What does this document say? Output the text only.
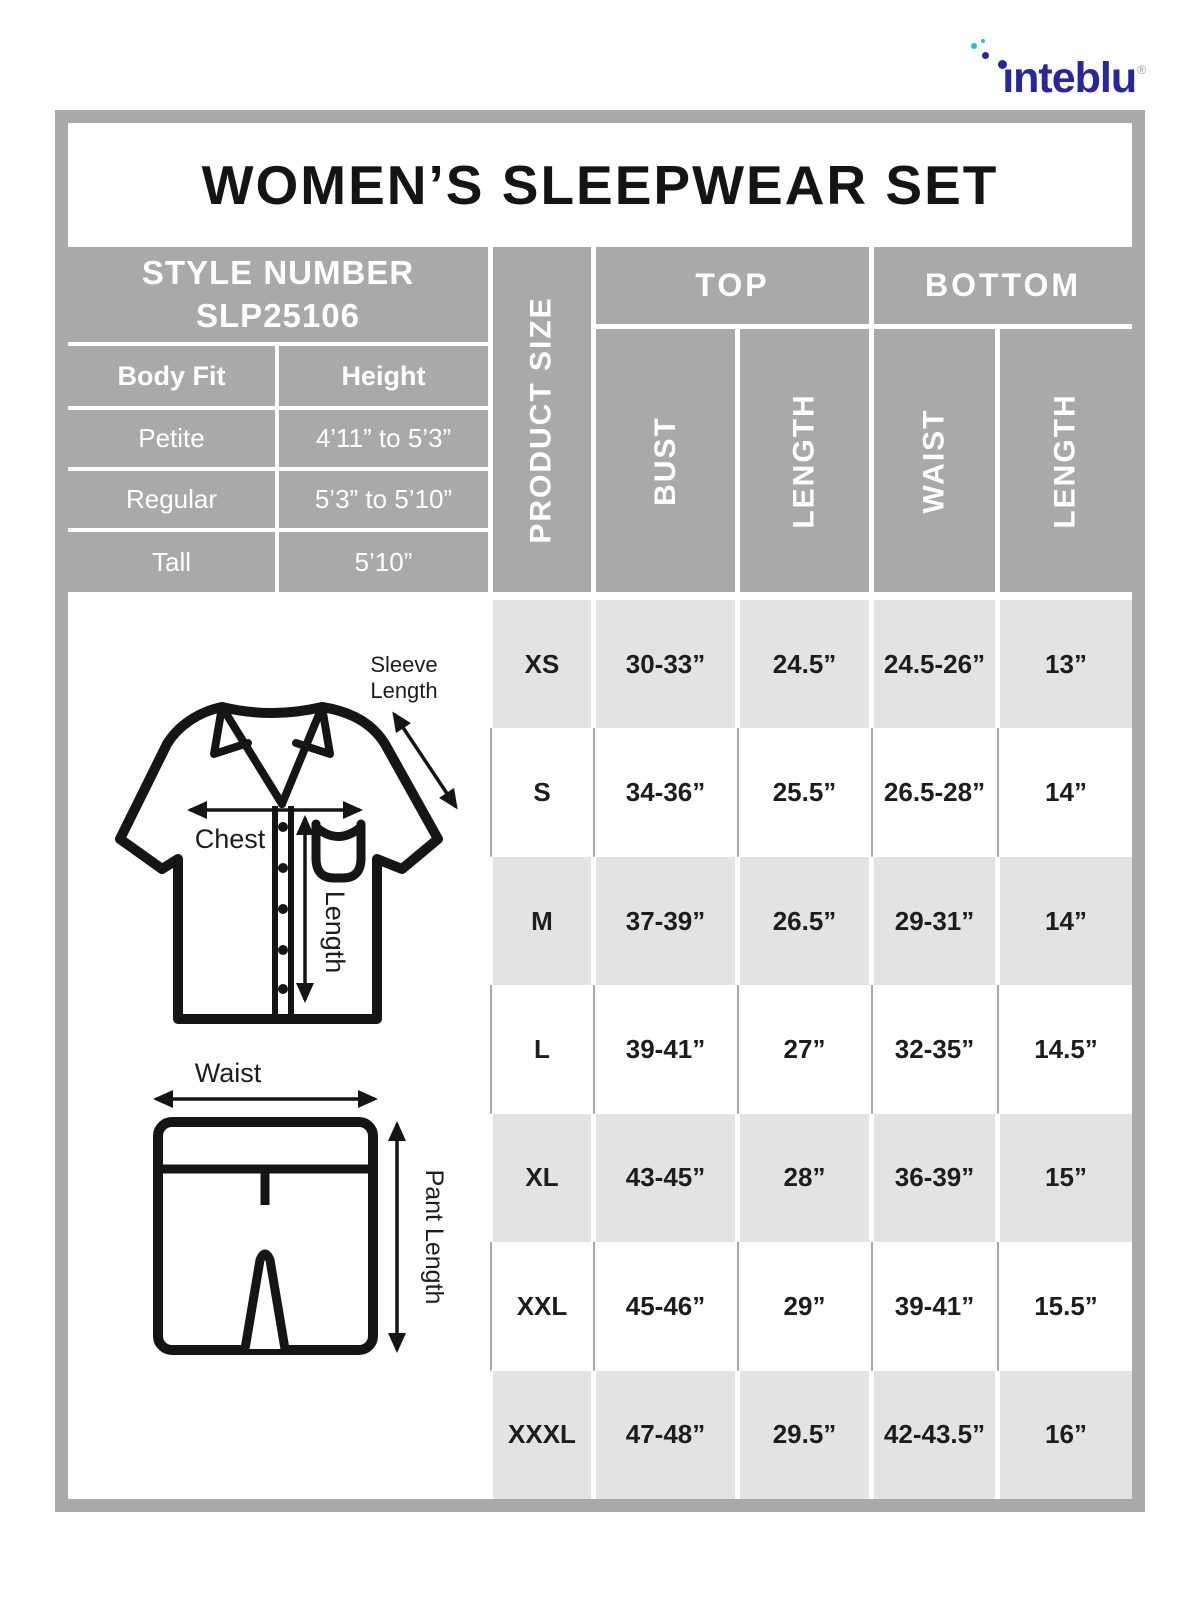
ınteblu®
WOMEN’S SLEEPWEAR SET
STYLE NUMBER
SLP25106
Body Fit	Height
Petite	4’11” to 5’3”
Regular	5’3” to 5’10”
Tall	5’10”
PRODUCT SIZE
TOP
BUST	LENGTH
BOTTOM
WAIST	LENGTH
Sleeve
Length
Chest
Length
Waist
Pant Length
XS	30-33”	24.5”	24.5-26”	13”
S	34-36”	25.5”	26.5-28”	14”
M	37-39”	26.5”	29-31”	14”
L	39-41”	27”	32-35”	14.5”
XL	43-45”	28”	36-39”	15”
XXL	45-46”	29”	39-41”	15.5”
XXXL	47-48”	29.5”	42-43.5”	16”
